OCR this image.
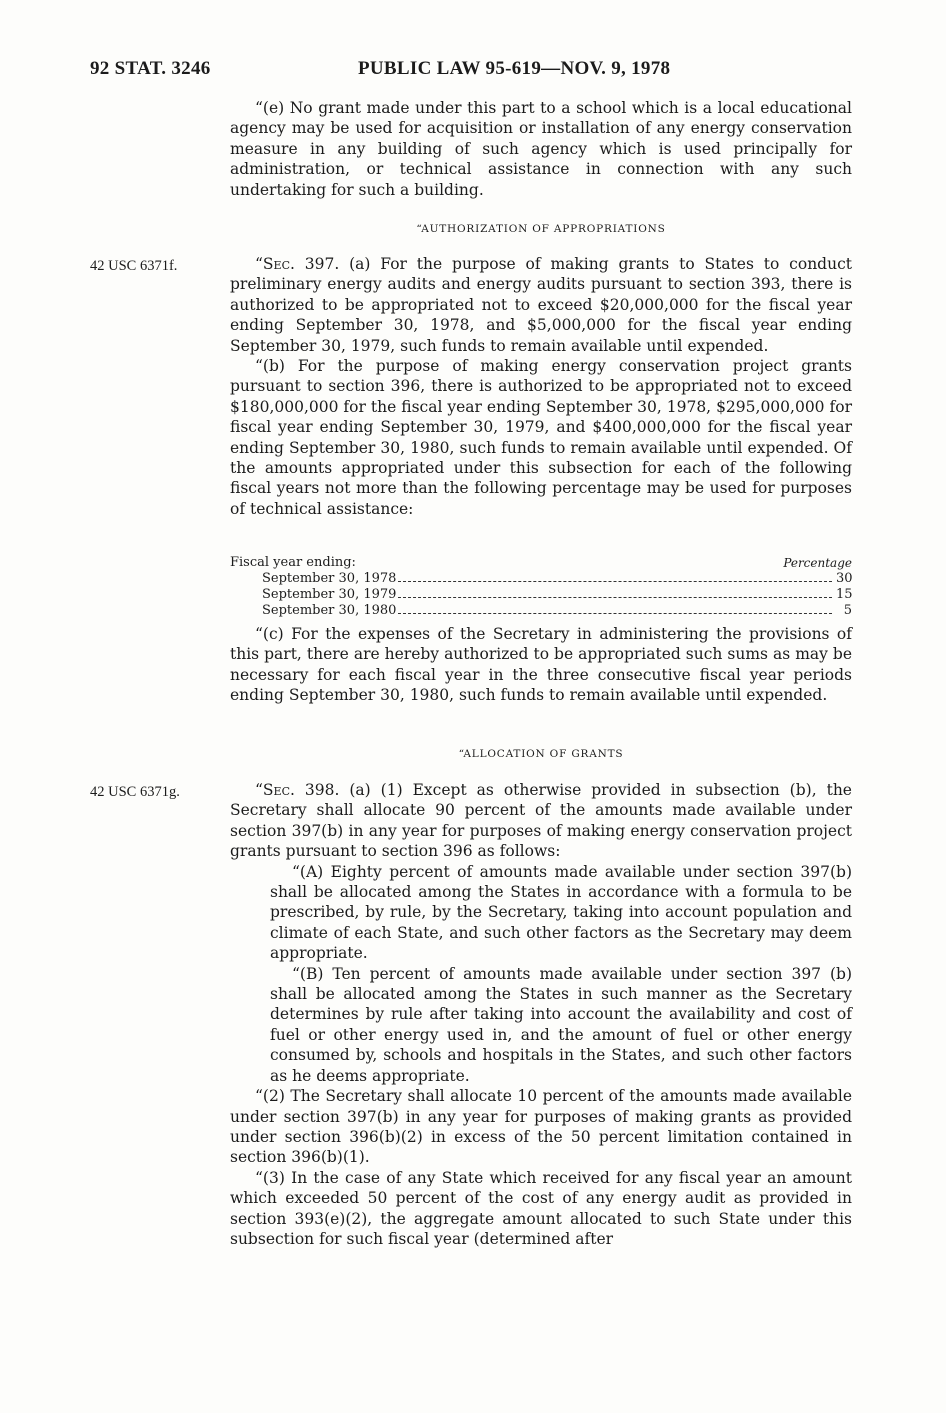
92 STAT. 3246	PUBLIC LAW 95-619—NOV. 9, 1978

“(e) No grant made under this part to a school which is a local educational agency may be used for acquisition or installation of any energy conservation measure in any building of such agency which is used principally for administration, or technical assistance in connection with any such undertaking for such a building.

“AUTHORIZATION OF APPROPRIATIONS
42 USC 6371f.	“Sec. 397. (a) For the purpose of making grants to States to conduct preliminary energy audits and energy audits pursuant to section 393, there is authorized to be appropriated not to exceed $20,000,000 for the fiscal year ending September 30, 1978, and $5,000,000 for the fiscal year ending September 30, 1979, such funds to remain available until expended.

“(b) For the purpose of making energy conservation project grants pursuant to section 396, there is authorized to be appropriated not to exceed $180,000,000 for the fiscal year ending September 30, 1978, $295,000,000 for fiscal year ending September 30, 1979, and $400,000,000 for the fiscal year ending September 30, 1980, such funds to remain available until expended. Of the amounts appropriated under this subsection for each of the following fiscal years not more than the following percentage may be used for purposes of technical assistance:

Fiscal year ending:	Percentage
September 30, 1978	30
September 30, 1979	15
September 30, 1980	5

“(c) For the expenses of the Secretary in administering the provisions of this part, there are hereby authorized to be appropriated such sums as may be necessary for each fiscal year in the three consecutive fiscal year periods ending September 30, 1980, such funds to remain available until expended.

“ALLOCATION OF GRANTS
42 USC 6371g.	“Sec. 398. (a) (1) Except as otherwise provided in subsection (b), the Secretary shall allocate 90 percent of the amounts made available under section 397(b) in any year for purposes of making energy conservation project grants pursuant to section 396 as follows:

“(A) Eighty percent of amounts made available under section 397(b) shall be allocated among the States in accordance with a formula to be prescribed, by rule, by the Secretary, taking into account population and climate of each State, and such other factors as the Secretary may deem appropriate.

“(B) Ten percent of amounts made available under section 397 (b) shall be allocated among the States in such manner as the Secretary determines by rule after taking into account the availability and cost of fuel or other energy used in, and the amount of fuel or other energy consumed by, schools and hospitals in the States, and such other factors as he deems appropriate.

“(2) The Secretary shall allocate 10 percent of the amounts made available under section 397(b) in any year for purposes of making grants as provided under section 396(b)(2) in excess of the 50 percent limitation contained in section 396(b)(1).

“(3) In the case of any State which received for any fiscal year an amount which exceeded 50 percent of the cost of any energy audit as provided in section 393(e)(2), the aggregate amount allocated to such State under this subsection for such fiscal year (determined after
